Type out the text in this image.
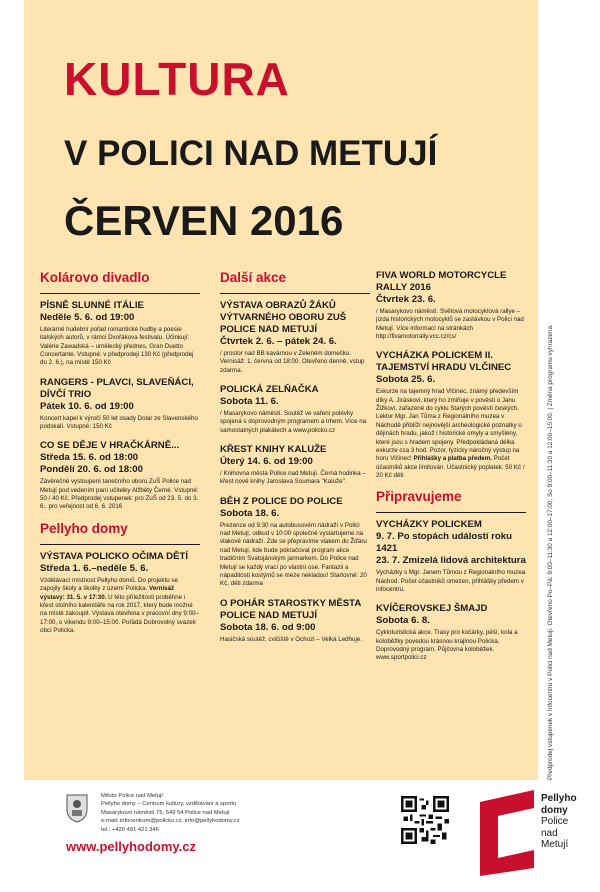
KULTURA
V POLICI NAD METUJÍ
ČERVEN 2016
Kolárovo divadlo
PÍSNĚ SLUNNÉ ITÁLIE
Neděle 5. 6. od 19:00
Literárně hudební pořad romantické hudby a poesie italských autorů, v rámci Dvořákova festivalu. Účinkují: Valérie Zawadská – umělecký přednes, Gran Duetto Concertante. Vstupné: v předprodeji 130 Kč (předprodej do 2. 6.), na místě 150 Kč
RANGERS - PLAVCI, SLAVEŇÁCI, DÍVČÍ TRIO
Pátek 10. 6. od 19:00
Koncert kapel k výročí 50 let osady Dolar ze Slavenského podskalí. Vstupné: 150 Kč
CO SE DĚJE V HRAČKÁRNĚ...
Středa 15. 6. od 18:00
Pondělí 20. 6. od 18:00
Závěrečné vystoupení tanečního oboru ZuŠ Police nad Metují pod vedením paní učitelky Alžběty Černé. Vstupné: 50 / 40 Kč. Předprodej vstupenek: pro ZuŠ od 23. 5. do 3. 6., pro veřejnost od 6. 6. 2016
Pellyho domy
VÝSTAVA POLICKO OČIMA DĚTÍ
Středa 1. 6.–neděle 5. 6.
Vzdělávací místnost Pellyho domů. Do projektu se zapojily školy a školky z území Policka. Vernisáž výstavy: 31. 5. v 17:30. U této příležitosti proběhne i křest stolního kalendáře na rok 2017, který bude možné na místě zakoupit. Výstava otevřena v pracovní dny 9:00–17:00, o víkendu 9:00–15:00. Pořádá Dobrovolný svazek obcí Policka.
Další akce
VÝSTAVA OBRAZŮ ŽÁKŮ VÝTVARNÉHO OBORU ZUŠ POLICE NAD METUJÍ
Čtvrtek 2. 6. – pátek 24. 6.
/ prostor nad BB kavárnou v Zeleném domečku. Vernisáž: 1. června od 18:00. Otevřeno denně, vstup zdarma.
POLICKÁ ZELŇAČKA
Sobota 11. 6.
/ Masarykovo náměstí. Soutěž ve vaření polévky spojená s doprovodným programem a trhem. Více na samostatných plakátech a www.policko.cz
KŘEST KNIHY KALUŽE
Úterý 14. 6. od 19:00
/ Knihovna města Police nad Metují. Černá hodinka – křest nové knihy Jaroslava Soumara "Kaluže".
BĚH Z POLICE DO POLICE
Sobota 18. 6.
Prezence od 9:30 na autobusovém nádraží v Polici nad Metují, odkud v 10:00 společně vystartujeme na vlakové nádraží. Zde se přepravíme vlakem do Žďáru nad Metují, kde bude pokračovat program akce tradičním Svatojánským jarmarkem. Do Police nad Metují se každý vrací po vlastní ose. Fantazii a nápaditosti kostýmů se meze nekladou! Startovné: 20 Kč, děti zdarma
O POHÁR STAROSTKY MĚSTA POLICE NAD METUJÍ
Sobota 18. 6. od 9:00
Hasičská soutěž, cvičiště v Ochozi – Velká Ledhuje.
FIVA WORLD MOTORCYCLE RALLY 2016
Čtvrtek 23. 6.
/ Masarykovo náměstí. Světová motocyklová rallye – jízda historických motocyklů se zastávkou v Polici nad Metují. Více informací na stránkách http://fivamotorrally.vcc.cz/cs/
VYCHÁZKA POLICKEM II. TAJEMSTVÍ HRADU VLČINEC
Sobota 25. 6.
Exkurze na tajemný hrad Vlčinec, známý především díky A. Jiráskovi, který ho zmiňuje v pověsti o Janu Žižkovi, zařazené do cyklu Starých pověstí českých. Lektor Mgr. Jan Tůma z Regionálního muzea v Náchodě přiblíží nejnovější archeologické poznatky o dějinách hradu, jakož i historické omyly a smyšleny, které jsou s hradem spojeny. Předpokládaná délka exkurze cca 3 hod. Pozor, fyzicky náročný výstup na horu Vlčinec! Přihlášky a platba předem. Počet účastníků akce limitován. Účastnický poplatek: 50 Kč / 20 Kč děti
Připravujeme
VYCHÁZKY POLICKEM
9. 7. Po stopách událostí roku 1421
23. 7. Zmizelá lidová architektura
Vycházky s Mgr. Janem Tůmou z Regionálního muzea Náchod. Počet účastníků omezen, přihlášky předem v infocentru.
KVÍČEROVSKEJ ŠMAJD
Sobota 6. 8.
Cykloturistická akce. Trasy pro kočárky, pěší, kola a koloběžky povedou krásnou krajinou Policka. Doprovodný program. Půjčovna koloběžek. www.sportpolici.cz	Předprodej vstupenek v Infocentru v Polici nad Metují. Otevřeno Po–Pá: 9:00–11:30 a 12:00–17:00, So 9:00–11:30 a 12:00–15:00. | Změna programu vyhrazena.
Město Police nad Metují
Pellyho domy – Centrum kultury, vzdělávání a sportu
Masarykovo náměstí 75, 549 54 Police nad Metují
e-mail: infocentrum@policko.cz, info@pellyhodomy.cz
tel.: +420 491 421 346
www.pellyhodomy.cz
Pellyho
domy
Police
nad
Metují
